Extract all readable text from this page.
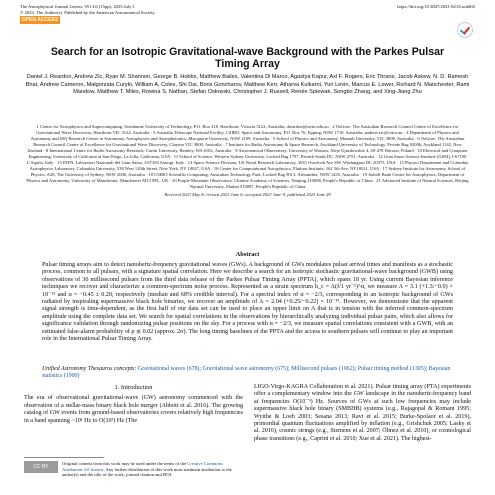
The Astrophysical Journal Letters, 951:L6 (15pp), 2023 July 1
© 2023. The Author(s). Published by the American Astronomical Society.
https://doi.org/10.3847/2041-8213/acdd02
OPEN ACCESS
Search for an Isotropic Gravitational-wave Background with the Parkes Pulsar Timing Array
Daniel J. Reardon, Andrew Zic, Ryan M. Shannon, George B. Hobbs, Matthew Bailes, Valentina Di Marco, Agastya Kapur, Axl F. Rogers, Eric Thrane, Jacob Askew, N. D. Ramesh Bhat, Andrew Cameron, Małgorzata Curyło, William A. Coles, Shi Dai, Boris Goncharov, Matthew Kerr, Atharva Kulkarni, Yuri Levin, Marcus E. Lower, Richard N. Manchester, Rami Mandow, Matthew T. Miles, Rowina S. Nathan, Stefan Osłowski, Christopher J. Russell, Renée Spiewak, Songbo Zhang, and Xing-Jiang Zhu
1 Centre for Astrophysics and Supercomputing, Swinburne University of Technology, P.O. Box 218, Hawthorn, Victoria 3122, Australia; dreardon@swin.edu.au · 2 OzGrav: The Australian Research Council Centre of Excellence for Gravitational Wave Discovery, Hawthorn VIC 3122, Australia · 3 Australia Telescope National Facility, CSIRO, Space and Astronomy, P.O. Box 76, Epping, NSW 1710, Australia; andrew.zic@csiro.au · 4 Department of Physics and Astronomy and MQ Research Centre in Astronomy, Astrophysics and Astrophotonics, Macquarie University, NSW 2109, Australia · 5 School of Physics and Astronomy, Monash University, VIC 3800, Australia · 6 OzGrav: The Australian Research Council Centre of Excellence for Gravitational Wave Discovery, Clayton VIC 3800, Australia · 7 Institute for Radio Astronomy & Space Research, Auckland University of Technology, Private Bag 92006, Auckland 1142, New Zealand · 8 International Centre for Radio Astronomy Research, Curtin University, Bentley, WA 6102, Australia · 9 Astronomical Observatory, University of Warsaw, Aleje Ujazdowskie 4, 00-478 Warsaw, Poland · 10 Electrical and Computer Engineering, University of California at San Diego, La Jolla, California, USA · 11 School of Science, Western Sydney University, Locked Bag 1797, Penrith South DC, NSW 2751, Australia · 12 Gran Sasso Science Institute (GSSI), I-67100 L'Aquila, Italy · 13 INFN, Laboratori Nazionali del Gran Sasso, I-67100 Assergi, Italy · 14 Space Science Division, US Naval Research Laboratory, 4555 Overlook Ave SW, Washington DC 20375, USA · 15 Physics Department and Columbia Astrophysics Laboratory, Columbia University, 538 West 120th Street, New York, NY 10027, USA · 16 Center for Computational Astrophysics, Flatiron Institute, 162 5th Ave, NY10011, USA · 17 Sydney Institute for Astronomy, School of Physics, A28, The University of Sydney, NSW 2006, Australia · 18 CSIRO Scientific Computing, Australian Technology Park, Locked Bag 9013, Alexandria, NSW 1435, Australia · 19 Jodrell Bank Centre for Astrophysics, Department of Physics and Astronomy, University of Manchester, Manchester M13 9PL, UK · 20 Purple Mountain Observatory, Chinese Academy of Sciences, Nanjing 210008, People's Republic of China · 21 Advanced Institute of Natural Sciences, Beijing Normal University, Zhuhai 519087, People's Republic of China
Received 2023 May 8; revised 2023 June 6; accepted 2023 June 9; published 2023 June 29
Abstract
Pulsar timing arrays aim to detect nanohertz-frequency gravitational waves (GWs). A background of GWs modulates pulsar arrival times and manifests as a stochastic process, common to all pulsars, with a signature spatial correlation. Here we describe a search for an isotropic stochastic gravitational-wave background (GWB) using observations of 30 millisecond pulsars from the third data release of the Parkes Pulsar Timing Array (PPTA), which spans 18 yr. Using current Bayesian inference techniques we recover and characterize a common-spectrum noise process. Represented as a strain spectrum h_c = A(f/1 yr⁻¹)^α, we measure A = 3.1 (+1.3/−0.9) × 10⁻¹⁵ and α = −0.45 ± 0.20, respectively (median and 68% credible interval). For a spectral index of α = −2/3, corresponding to an isotropic background of GWs radiated by inspiraling supermassive black hole binaries, we recover an amplitude of A = 2.04 (+0.25/−0.22) × 10⁻¹⁵. However, we demonstrate that the apparent signal strength is time-dependent, as the first half of our data set can be used to place an upper limit on A that is in tension with the inferred common-spectrum amplitude using the complete data set. We search for spatial correlations in the observations by hierarchically analyzing individual pulsar pairs, which also allows for significance validation through randomizing pulsar positions on the sky. For a process with α = −2/3, we measure spatial correlations consistent with a GWB, with an estimated false-alarm probability of p ≲ 0.02 (approx. 2σ). The long timing baselines of the PPTA and the access to southern pulsars will continue to play an important role in the International Pulsar Timing Array.
Unified Astronomy Thesaurus concepts: Gravitational waves (678); Gravitational wave astronomy (675); Millisecond pulsars (1062); Pulsar timing method (1305); Bayesian statistics (1900)
1. Introduction
The era of observational gravitational-wave (GW) astronomy commenced with the observation of a stellar-mass binary black hole merger (Abbott et al. 2016). The growing catalog of GW events from ground-based observatories covers relatively high frequencies in a band spanning ~10¹ Hz to O(10³) Hz (The
CC BY
Original content from this work may be used under the terms of the Creative Commons Attribution 4.0 licence. Any further distribution of this work must maintain attribution to the author(s) and the title of the work, journal citation and DOI.
LIGO-Virgo-KAGRA Collaboration et al. 2021). Pulsar timing array (PTA) experiments offer a complementary window into the GW landscape in the nanohertz-frequency band at frequencies O(10⁻⁹) Hz. Sources of GWs at such low frequencies may include supermassive black hole binary (SMBHB) systems (e.g., Rajagopal & Romani 1995; Wyithe & Loeb 2003; Sesana 2013; Ravi et al. 2015; Burke-Spolaor et al. 2019), primordial quantum fluctuations amplified by inflation (e.g., Grishchuk 2005; Lasky et al. 2016), cosmic strings (e.g., Siemens et al. 2007; Ölmez et al. 2010), or cosmological phase transitions (e.g., Caprini et al. 2010; Xue et al. 2021). The highest-
